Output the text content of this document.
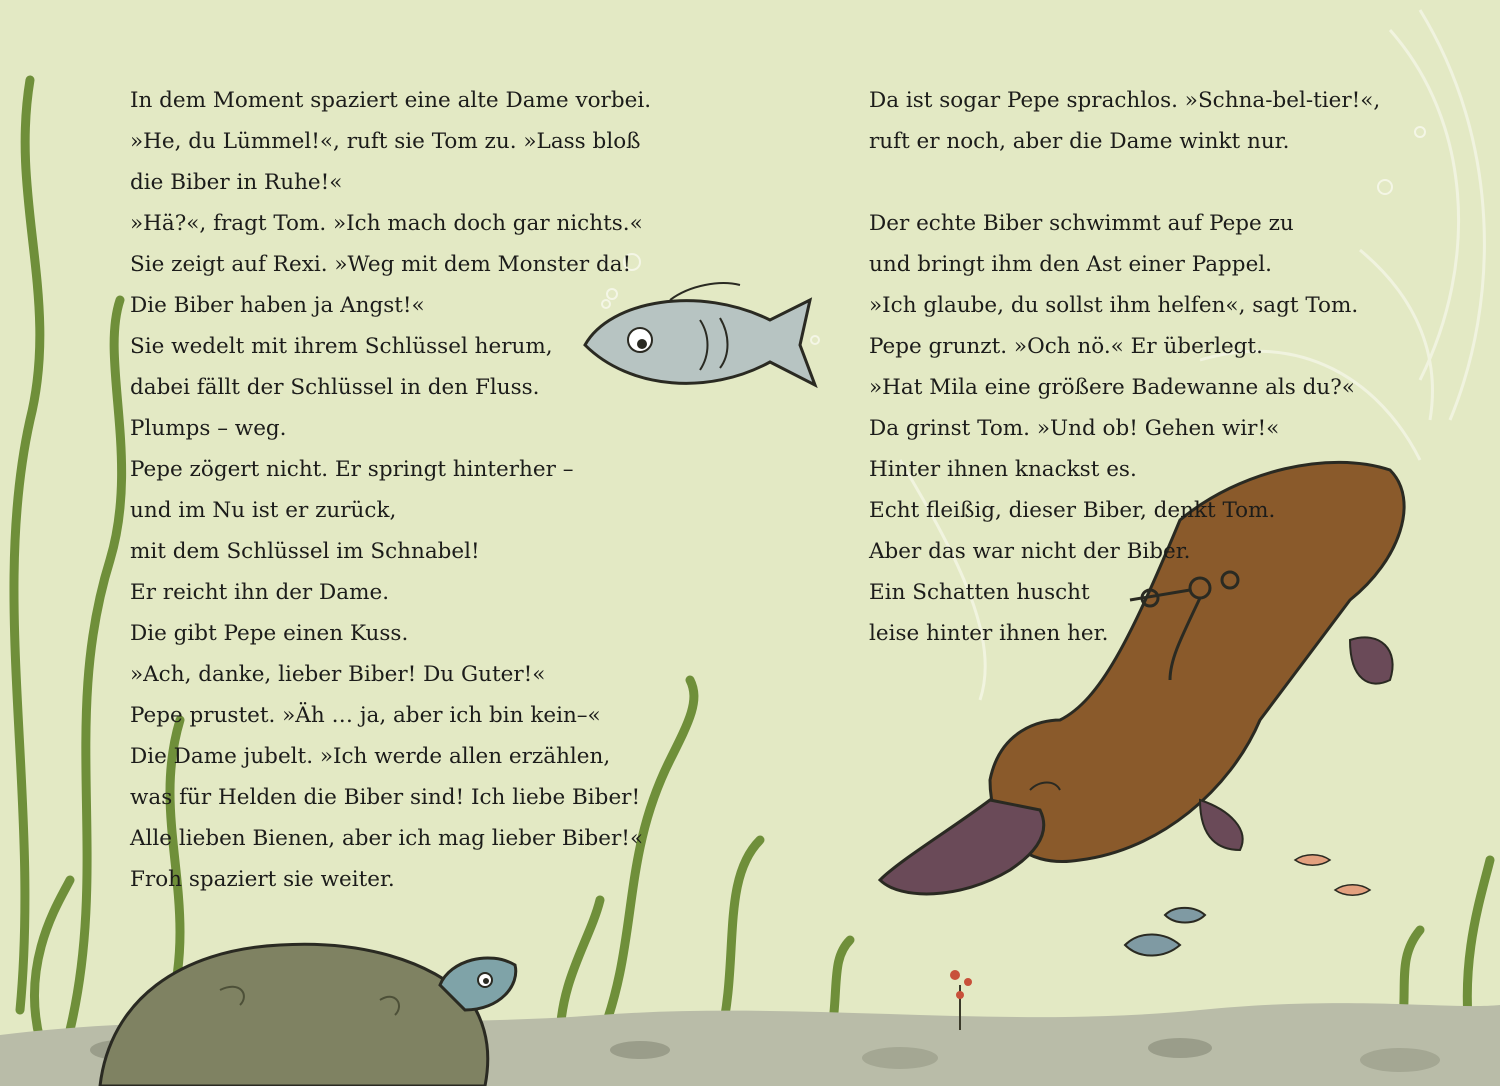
In dem Moment spaziert eine alte Dame vorbei.
»He, du Lümmel!«, ruft sie Tom zu. »Lass bloß
die Biber in Ruhe!«
»Hä?«, fragt Tom. »Ich mach doch gar nichts.«
Sie zeigt auf Rexi. »Weg mit dem Monster da!
Die Biber haben ja Angst!«
Sie wedelt mit ihrem Schlüssel herum,
dabei fällt der Schlüssel in den Fluss.
Plumps – weg.
Pepe zögert nicht. Er springt hinterher –
und im Nu ist er zurück,
mit dem Schlüssel im Schnabel!
Er reicht ihn der Dame.
Die gibt Pepe einen Kuss.
»Ach, danke, lieber Biber! Du Guter!«
Pepe prustet. »Äh … ja, aber ich bin kein–«
Die Dame jubelt. »Ich werde allen erzählen,
was für Helden die Biber sind! Ich liebe Biber!
Alle lieben Bienen, aber ich mag lieber Biber!«
Froh spaziert sie weiter.
Da ist sogar Pepe sprachlos. »Schna-bel-tier!«,
ruft er noch, aber die Dame winkt nur.
Der echte Biber schwimmt auf Pepe zu
und bringt ihm den Ast einer Pappel.
»Ich glaube, du sollst ihm helfen«, sagt Tom.
Pepe grunzt. »Och nö.« Er überlegt.
»Hat Mila eine größere Badewanne als du?«
Da grinst Tom. »Und ob! Gehen wir!«
Hinter ihnen knackst es.
Echt fleißig, dieser Biber, denkt Tom.
Aber das war nicht der Biber.
Ein Schatten huscht
leise hinter ihnen her.
